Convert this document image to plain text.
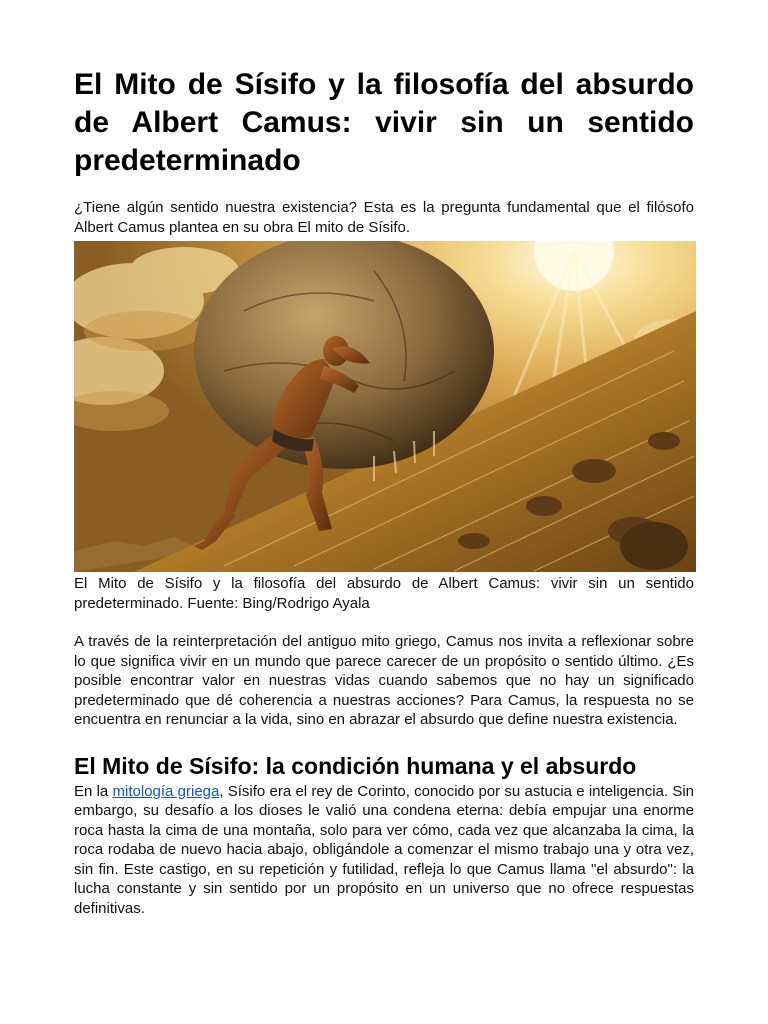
El Mito de Sísifo y la filosofía del absurdo de Albert Camus: vivir sin un sentido predeterminado

¿Tiene algún sentido nuestra existencia? Esta es la pregunta fundamental que el filósofo Albert Camus plantea en su obra El mito de Sísifo.

El Mito de Sísifo y la filosofía del absurdo de Albert Camus: vivir sin un sentido predeterminado. Fuente: Bing/Rodrigo Ayala

A través de la reinterpretación del antiguo mito griego, Camus nos invita a reflexionar sobre lo que significa vivir en un mundo que parece carecer de un propósito o sentido último. ¿Es posible encontrar valor en nuestras vidas cuando sabemos que no hay un significado predeterminado que dé coherencia a nuestras acciones? Para Camus, la respuesta no se encuentra en renunciar a la vida, sino en abrazar el absurdo que define nuestra existencia.

El Mito de Sísifo: la condición humana y el absurdo

En la mitología griega, Sísifo era el rey de Corinto, conocido por su astucia e inteligencia. Sin embargo, su desafío a los dioses le valió una condena eterna: debía empujar una enorme roca hasta la cima de una montaña, solo para ver cómo, cada vez que alcanzaba la cima, la roca rodaba de nuevo hacia abajo, obligándole a comenzar el mismo trabajo una y otra vez, sin fin. Este castigo, en su repetición y futilidad, refleja lo que Camus llama "el absurdo": la lucha constante y sin sentido por un propósito en un universo que no ofrece respuestas definitivas.
